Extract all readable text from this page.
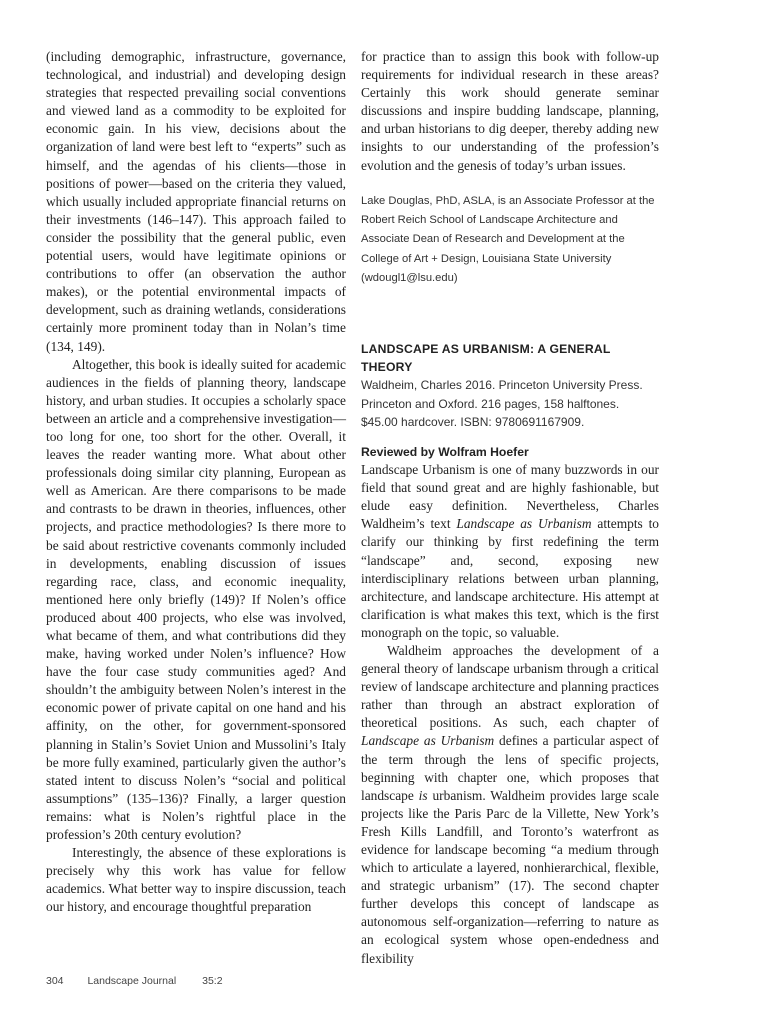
(including demographic, infrastructure, governance, technological, and industrial) and developing design strategies that respected prevailing social conventions and viewed land as a commodity to be exploited for economic gain. In his view, decisions about the organization of land were best left to “experts” such as himself, and the agendas of his clients—those in positions of power—based on the criteria they valued, which usually included appropriate financial returns on their investments (146–147). This approach failed to consider the possibility that the general public, even potential users, would have legitimate opinions or contributions to offer (an observation the author makes), or the potential environmental impacts of development, such as draining wetlands, considerations certainly more prominent today than in Nolan’s time (134, 149).

Altogether, this book is ideally suited for academic audiences in the fields of planning theory, landscape history, and urban studies. It occupies a scholarly space between an article and a comprehensive investigation—too long for one, too short for the other. Overall, it leaves the reader wanting more. What about other professionals doing similar city planning, European as well as American. Are there comparisons to be made and contrasts to be drawn in theories, influences, other projects, and practice methodologies? Is there more to be said about restrictive covenants commonly included in developments, enabling discussion of issues regarding race, class, and economic inequality, mentioned here only briefly (149)? If Nolen’s office produced about 400 projects, who else was involved, what became of them, and what contributions did they make, having worked under Nolen’s influence? How have the four case study communities aged? And shouldn’t the ambiguity between Nolen’s interest in the economic power of private capital on one hand and his affinity, on the other, for government-sponsored planning in Stalin’s Soviet Union and Mussolini’s Italy be more fully examined, particularly given the author’s stated intent to discuss Nolen’s “social and political assumptions” (135–136)? Finally, a larger question remains: what is Nolen’s rightful place in the profession’s 20th century evolution?

Interestingly, the absence of these explorations is precisely why this work has value for fellow academics. What better way to inspire discussion, teach our history, and encourage thoughtful preparation

for practice than to assign this book with follow-up requirements for individual research in these areas? Certainly this work should generate seminar discussions and inspire budding landscape, planning, and urban historians to dig deeper, thereby adding new insights to our understanding of the profession’s evolution and the genesis of today’s urban issues.

Lake Douglas, PhD, ASLA, is an Associate Professor at the Robert Reich School of Landscape Architecture and Associate Dean of Research and Development at the College of Art + Design, Louisiana State University (wdougl1@lsu.edu)

LANDSCAPE AS URBANISM: A GENERAL THEORY

Waldheim, Charles 2016. Princeton University Press. Princeton and Oxford. 216 pages, 158 halftones. $45.00 hardcover. ISBN: 9780691167909.

Reviewed by Wolfram Hoefer

Landscape Urbanism is one of many buzzwords in our field that sound great and are highly fashionable, but elude easy definition. Nevertheless, Charles Waldheim’s text Landscape as Urbanism attempts to clarify our thinking by first redefining the term “landscape” and, second, exposing new interdisciplinary relations between urban planning, architecture, and landscape architecture. His attempt at clarification is what makes this text, which is the first monograph on the topic, so valuable.

Waldheim approaches the development of a general theory of landscape urbanism through a critical review of landscape architecture and planning practices rather than through an abstract exploration of theoretical positions. As such, each chapter of Landscape as Urbanism defines a particular aspect of the term through the lens of specific projects, beginning with chapter one, which proposes that landscape is urbanism. Waldheim provides large scale projects like the Paris Parc de la Villette, New York’s Fresh Kills Landfill, and Toronto’s waterfront as evidence for landscape becoming “a medium through which to articulate a layered, nonhierarchical, flexible, and strategic urbanism” (17). The second chapter further develops this concept of landscape as autonomous self-organization—referring to nature as an ecological system whose open-endedness and flexibility

304 Landscape Journal 35:2
